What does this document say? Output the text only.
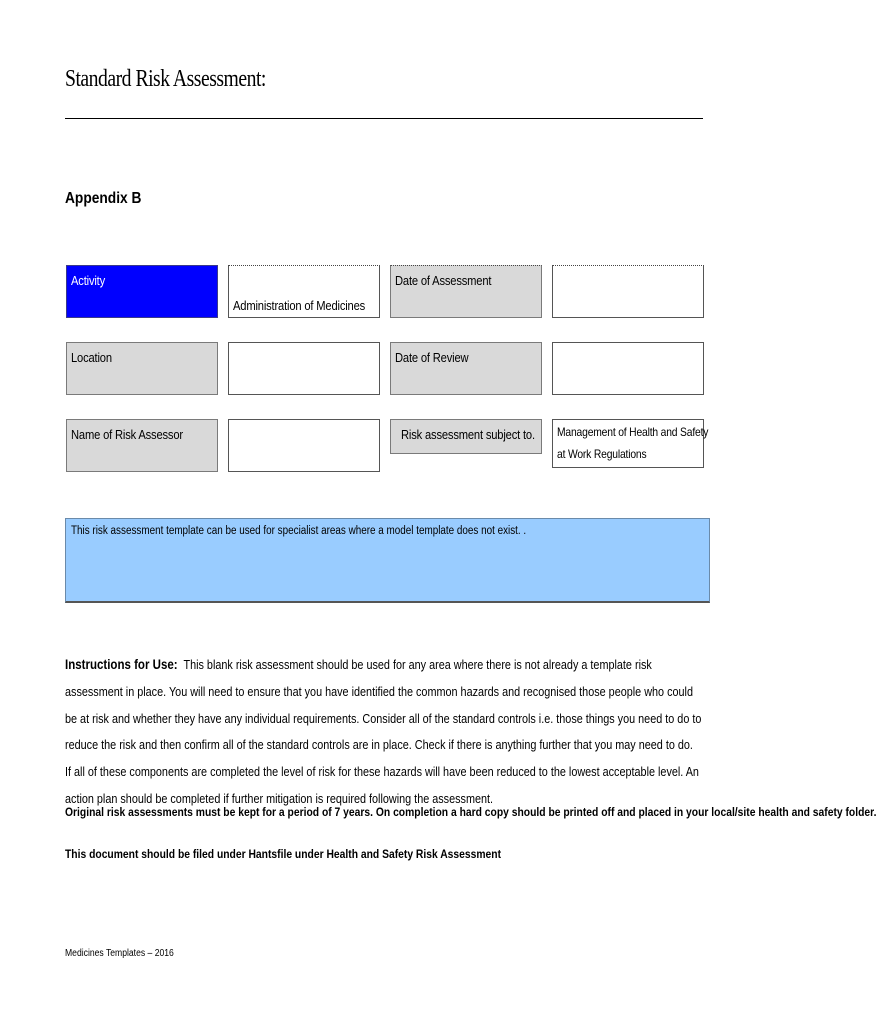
Standard Risk Assessment:
Appendix B
Activity
Administration of Medicines
Date of Assessment
Location	Date of Review
Name of Risk Assessor	Risk assessment subject to. Management of Health and Safety
at Work Regulations
This risk assessment template can be used for specialist areas where a model template does not exist. .
Instructions for Use: This blank risk assessment should be used for any area where there is not already a template risk assessment in place. You will need to ensure that you have identified the common hazards and recognised those people who could be at risk and whether they have any individual requirements. Consider all of the standard controls i.e. those things you need to do to reduce the risk and then confirm all of the standard controls are in place. Check if there is anything further that you may need to do. If all of these components are completed the level of risk for these hazards will have been reduced to the lowest acceptable level. An action plan should be completed if further mitigation is required following the assessment.
Original risk assessments must be kept for a period of 7 years. On completion a hard copy should be printed off and placed in your local/site health and safety folder.
This document should be filed under Hantsfile under Health and Safety Risk Assessment
Medicines Templates – 2016
